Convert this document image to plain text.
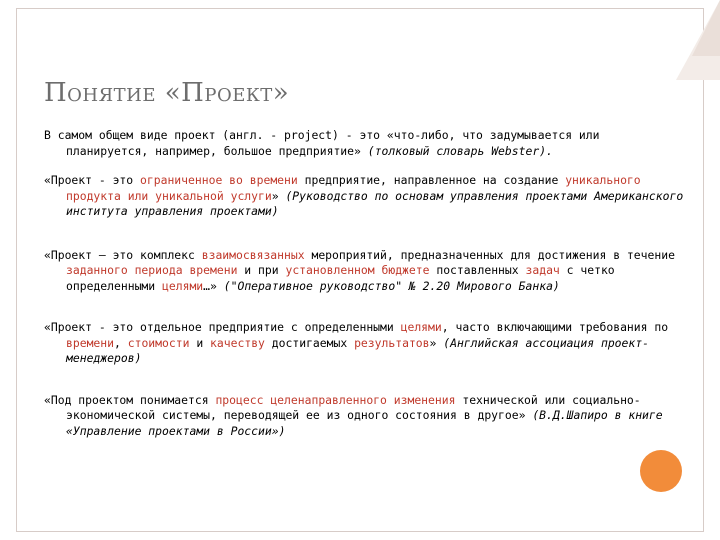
Понятие «Проект»

В самом общем виде проект (англ. - project) - это «что-либо, что задумывается или планируется, например, большое предприятие» (толковый словарь Webster).

«Проект - это ограниченное во времени предприятие, направленное на создание уникального продукта или уникальной услуги» (Руководство по основам управления проектами Американского института управления проектами)

«Проект – это комплекс взаимосвязанных мероприятий, предназначенных для достижения в течение заданного периода времени и при установленном бюджете поставленных задач с четко определенными целями…» ("Оперативное руководство" № 2.20 Мирового Банка)

«Проект - это отдельное предприятие с определенными целями, часто включающими требования по времени, стоимости и качеству достигаемых результатов» (Английская ассоциация проект-менеджеров)

«Под проектом понимается процесс целенаправленного изменения технической или социально-экономической системы, переводящей ее из одного состояния в другое» (В.Д.Шапиро в книге «Управление проектами в России»)
